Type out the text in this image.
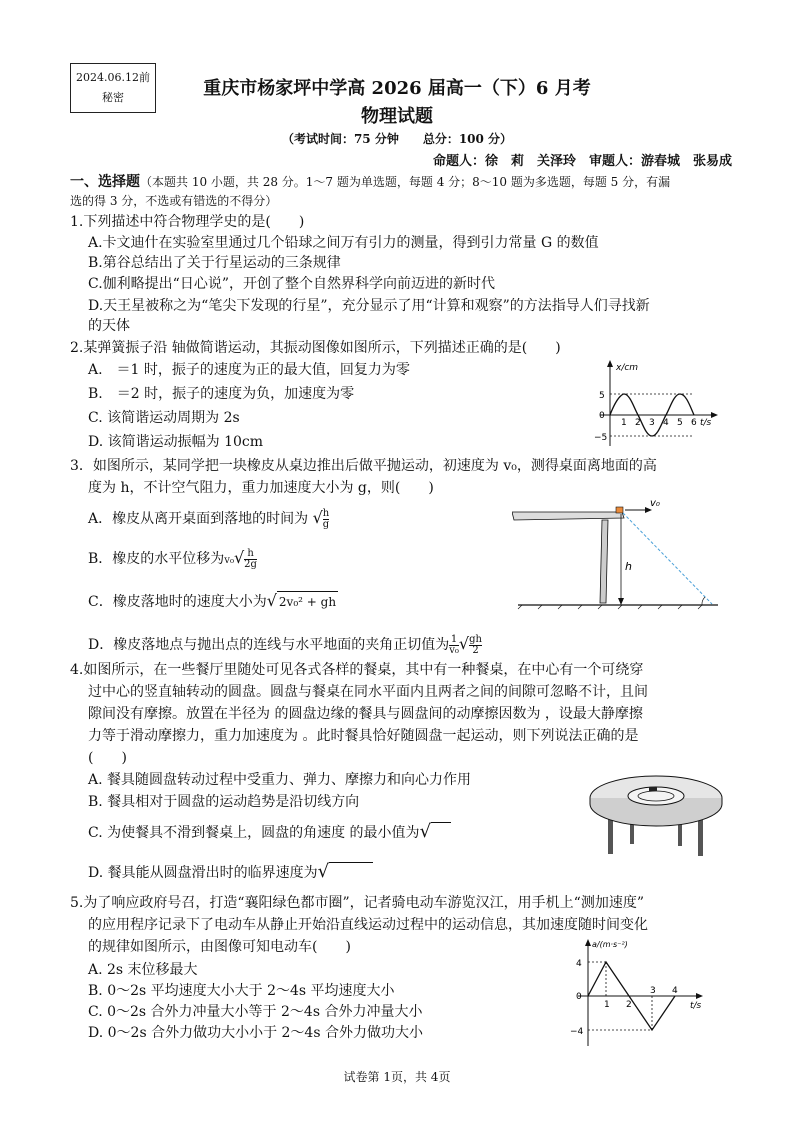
2024.06.12前
秘密	重庆市杨家坪中学高 2026 届高一（下）6 月考
物理试题
（考试时间：75 分钟　　总分：100 分）
命题人：徐　莉　关泽玲　审题人：游春城　张易成
一、选择题（本题共 10 小题，共 28 分。1～7 题为单选题，每题 4 分；8～10 题为多选题，每题 5 分，有漏
选的得 3 分，不选或有错选的不得分）
1.下列描述中符合物理学史的是(　　)
A.卡文迪什在实验室里通过几个铅球之间万有引力的测量，得到引力常量 G 的数值
B.第谷总结出了关于行星运动的三条规律
C.伽利略提出“日心说”，开创了整个自然界科学向前迈进的新时代
D.天王星被称之为“笔尖下发现的行星”，充分显示了用“计算和观察”的方法指导人们寻找新
的天体
2.某弹簧振子沿 轴做简谐运动，其振动图像如图所示，下列描述正确的是(　　)
A.　＝1 时，振子的速度为正的最大值，回复力为零
B.　＝2 时，振子的速度为负，加速度为零
C. 该简谐运动周期为 2s
D. 该简谐运动振幅为 10cm
x/cm
5
0
−5
1 2 3 4 5 6 t/s
3．如图所示，某同学把一块橡皮从桌边推出后做平抛运动，初速度为 v₀，测得桌面离地面的高
度为 h，不计空气阻力，重力加速度大小为 g，则(　　)
A．橡皮从离开桌面到落地的时间为 √ $\frac{h}{g}$
B．橡皮的水平位移为$v_0√ \frac{h}{2g}$
C．橡皮落地时的速度大小为√ 2v₀² + gh
D．橡皮落地点与抛出点的连线与水平地面的夹角正切值为 $\frac{1}{\text{v₀}}$ √ $\frac{gh}{2}$
v₀
h
4.如图所示，在一些餐厅里随处可见各式各样的餐桌，其中有一种餐桌，在中心有一个可绕穿
过中心的竖直轴转动的圆盘。圆盘与餐桌在同水平面内且两者之间的间隙可忽略不计，且间
隙间没有摩擦。放置在半径为 的圆盘边缘的餐具与圆盘间的动摩擦因数为 ，设最大静摩擦
力等于滑动摩擦力，重力加速度为 。此时餐具恰好随圆盘一起运动，则下列说法正确的是
(　　)
A. 餐具随圆盘转动过程中受重力、弹力、摩擦力和向心力作用
B. 餐具相对于圆盘的运动趋势是沿切线方向
C. 为使餐具不滑到餐桌上，圆盘的角速度 的最小值为√
D. 餐具能从圆盘滑出时的临界速度为√
5.为了响应政府号召，打造“襄阳绿色都市圈”，记者骑电动车游览汉江，用手机上“测加速度”
的应用程序记录下了电动车从静止开始沿直线运动过程中的运动信息，其加速度随时间变化
的规律如图所示，由图像可知电动车(　　)
A. 2s 末位移最大
B. 0～2s 平均速度大小大于 2～4s 平均速度大小
C. 0～2s 合外力冲量大小等于 2～4s 合外力冲量大小
D. 0～2s 合外力做功大小小于 2～4s 合外力做功大小
a/(m·s⁻²)
4
0
−4
1 2
3 4
t/s
试卷第 1页，共 4页
